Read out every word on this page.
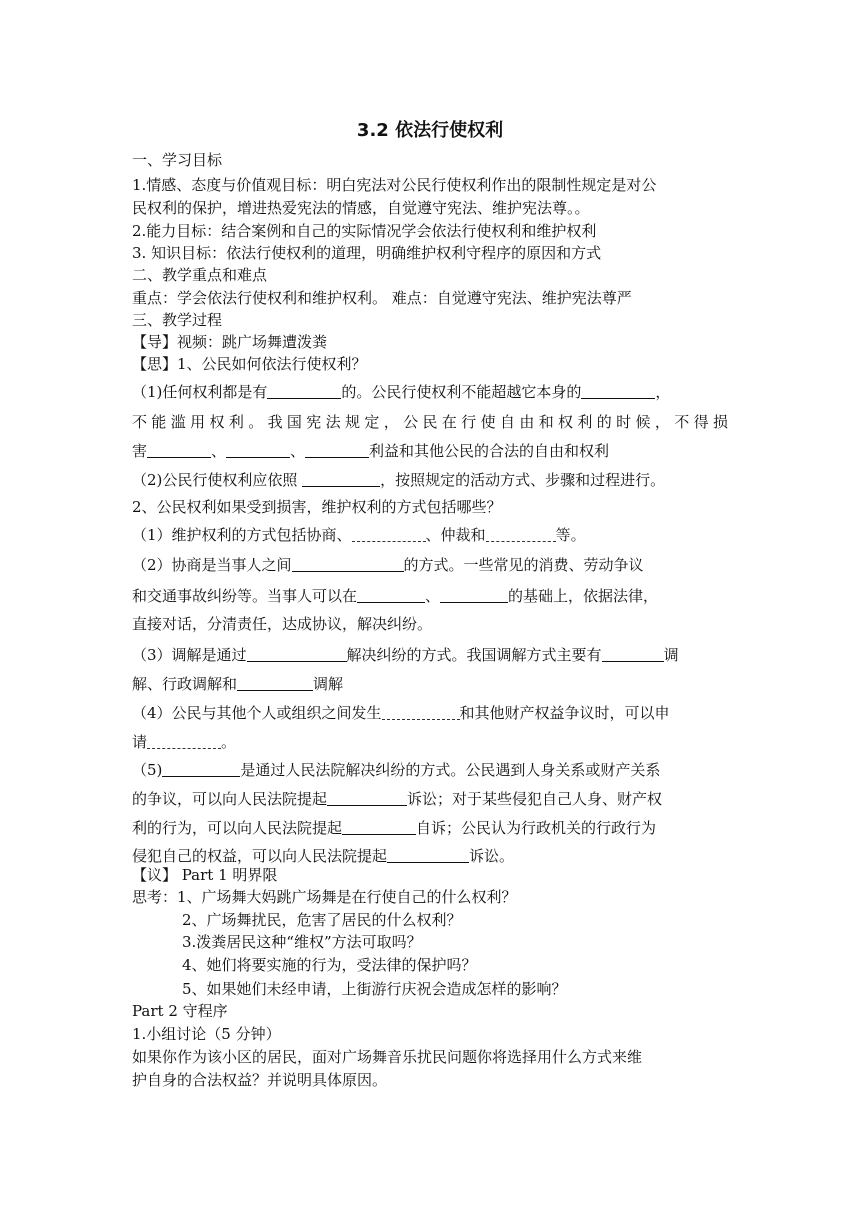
3.2 依法行使权利
一、学习目标
1.情感、态度与价值观目标：明白宪法对公民行使权利作出的限制性规定是对公
民权利的保护，增进热爱宪法的情感，自觉遵守宪法、维护宪法尊。。
2.能力目标：结合案例和自己的实际情况学会依法行使权利和维护权利
3. 知识目标：依法行使权利的道理，明确维护权利守程序的原因和方式
二、教学重点和难点
重点：学会依法行使权利和维护权利。 难点：自觉遵守宪法、维护宪法尊严
三、教学过程
【导】视频：跳广场舞遭泼粪
【思】1、公民如何依法行使权利？
（1)任何权利都是有	的。公民行使权利不能超越它本身的	，
不能滥用权利。我国宪法规定，公民在行使自由和权利的时候，不得损
害	、	、	利益和其他公民的合法的自由和权利
（2)公民行使权利应依照	，按照规定的活动方式、步骤和过程进行。
2、公民权利如果受到损害，维护权利的方式包括哪些？
（1）维护权利的方式包括协商、	、仲裁和	等。
（2）协商是当事人之间	的方式。一些常见的消费、劳动争议
和交通事故纠纷等。当事人可以在	、	的基础上，依据法律，
直接对话，分清责任，达成协议，解决纠纷。
（3）调解是通过	解决纠纷的方式。我国调解方式主要有	调
解、行政调解和	调解
（4）公民与其他个人或组织之间发生	和其他财产权益争议时，可以申
请	。
（5)	是通过人民法院解决纠纷的方式。公民遇到人身关系或财产关系
的争议，可以向人民法院提起	诉讼；对于某些侵犯自己人身、财产权
利的行为，可以向人民法院提起	自诉；公民认为行政机关的行政行为
侵犯自己的权益，可以向人民法院提起	诉讼。
【议】 Part 1 明界限
思考：1、广场舞大妈跳广场舞是在行使自己的什么权利？
2、广场舞扰民，危害了居民的什么权利？
3.泼粪居民这种“维权”方法可取吗？
4、她们将要实施的行为，受法律的保护吗？
5、如果她们未经申请，上街游行庆祝会造成怎样的影响？
Part 2 守程序
1.小组讨论（5 分钟）
如果你作为该小区的居民，面对广场舞音乐扰民问题你将选择用什么方式来维
护自身的合法权益？并说明具体原因。
